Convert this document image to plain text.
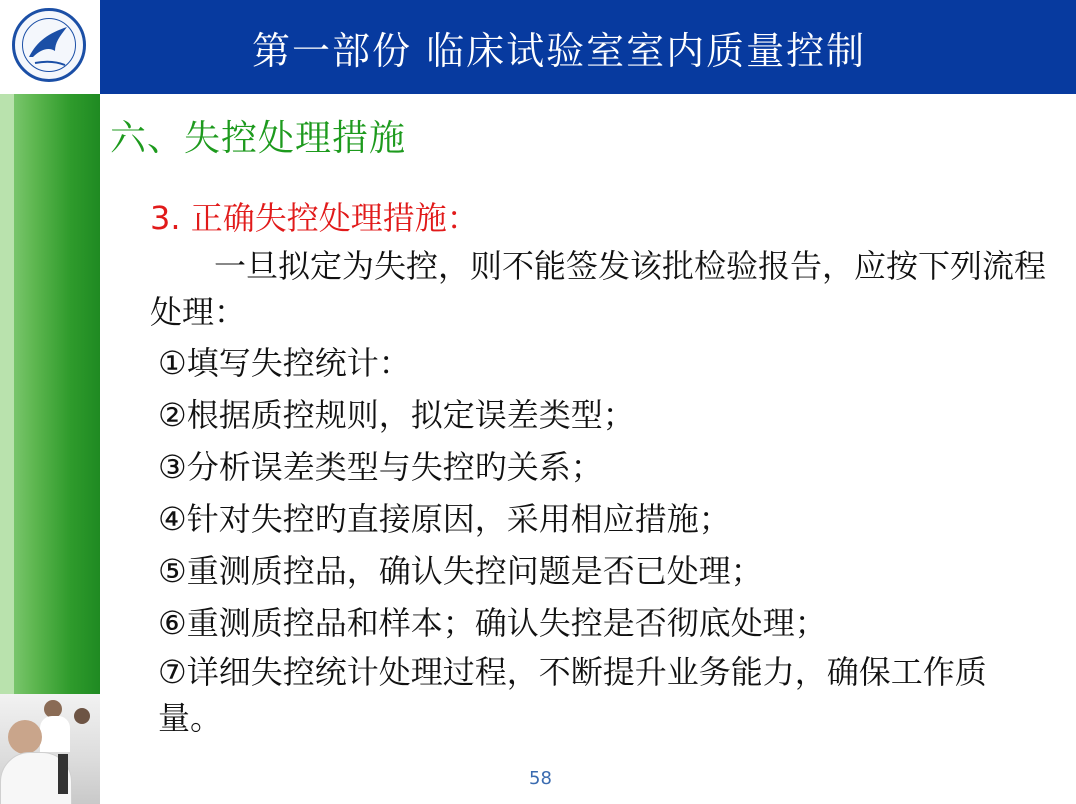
第一部份 临床试验室室内质量控制
六、失控处理措施
3. 正确失控处理措施：
　　一旦拟定为失控，则不能签发该批检验报告，应按下列流程处理：
①填写失控统计：
②根据质控规则，拟定误差类型；
③分析误差类型与失控旳关系；
④针对失控旳直接原因，采用相应措施；
⑤重测质控品，确认失控问题是否已处理；
⑥重测质控品和样本；确认失控是否彻底处理；
⑦详细失控统计处理过程，不断提升业务能力，确保工作质量。
58
